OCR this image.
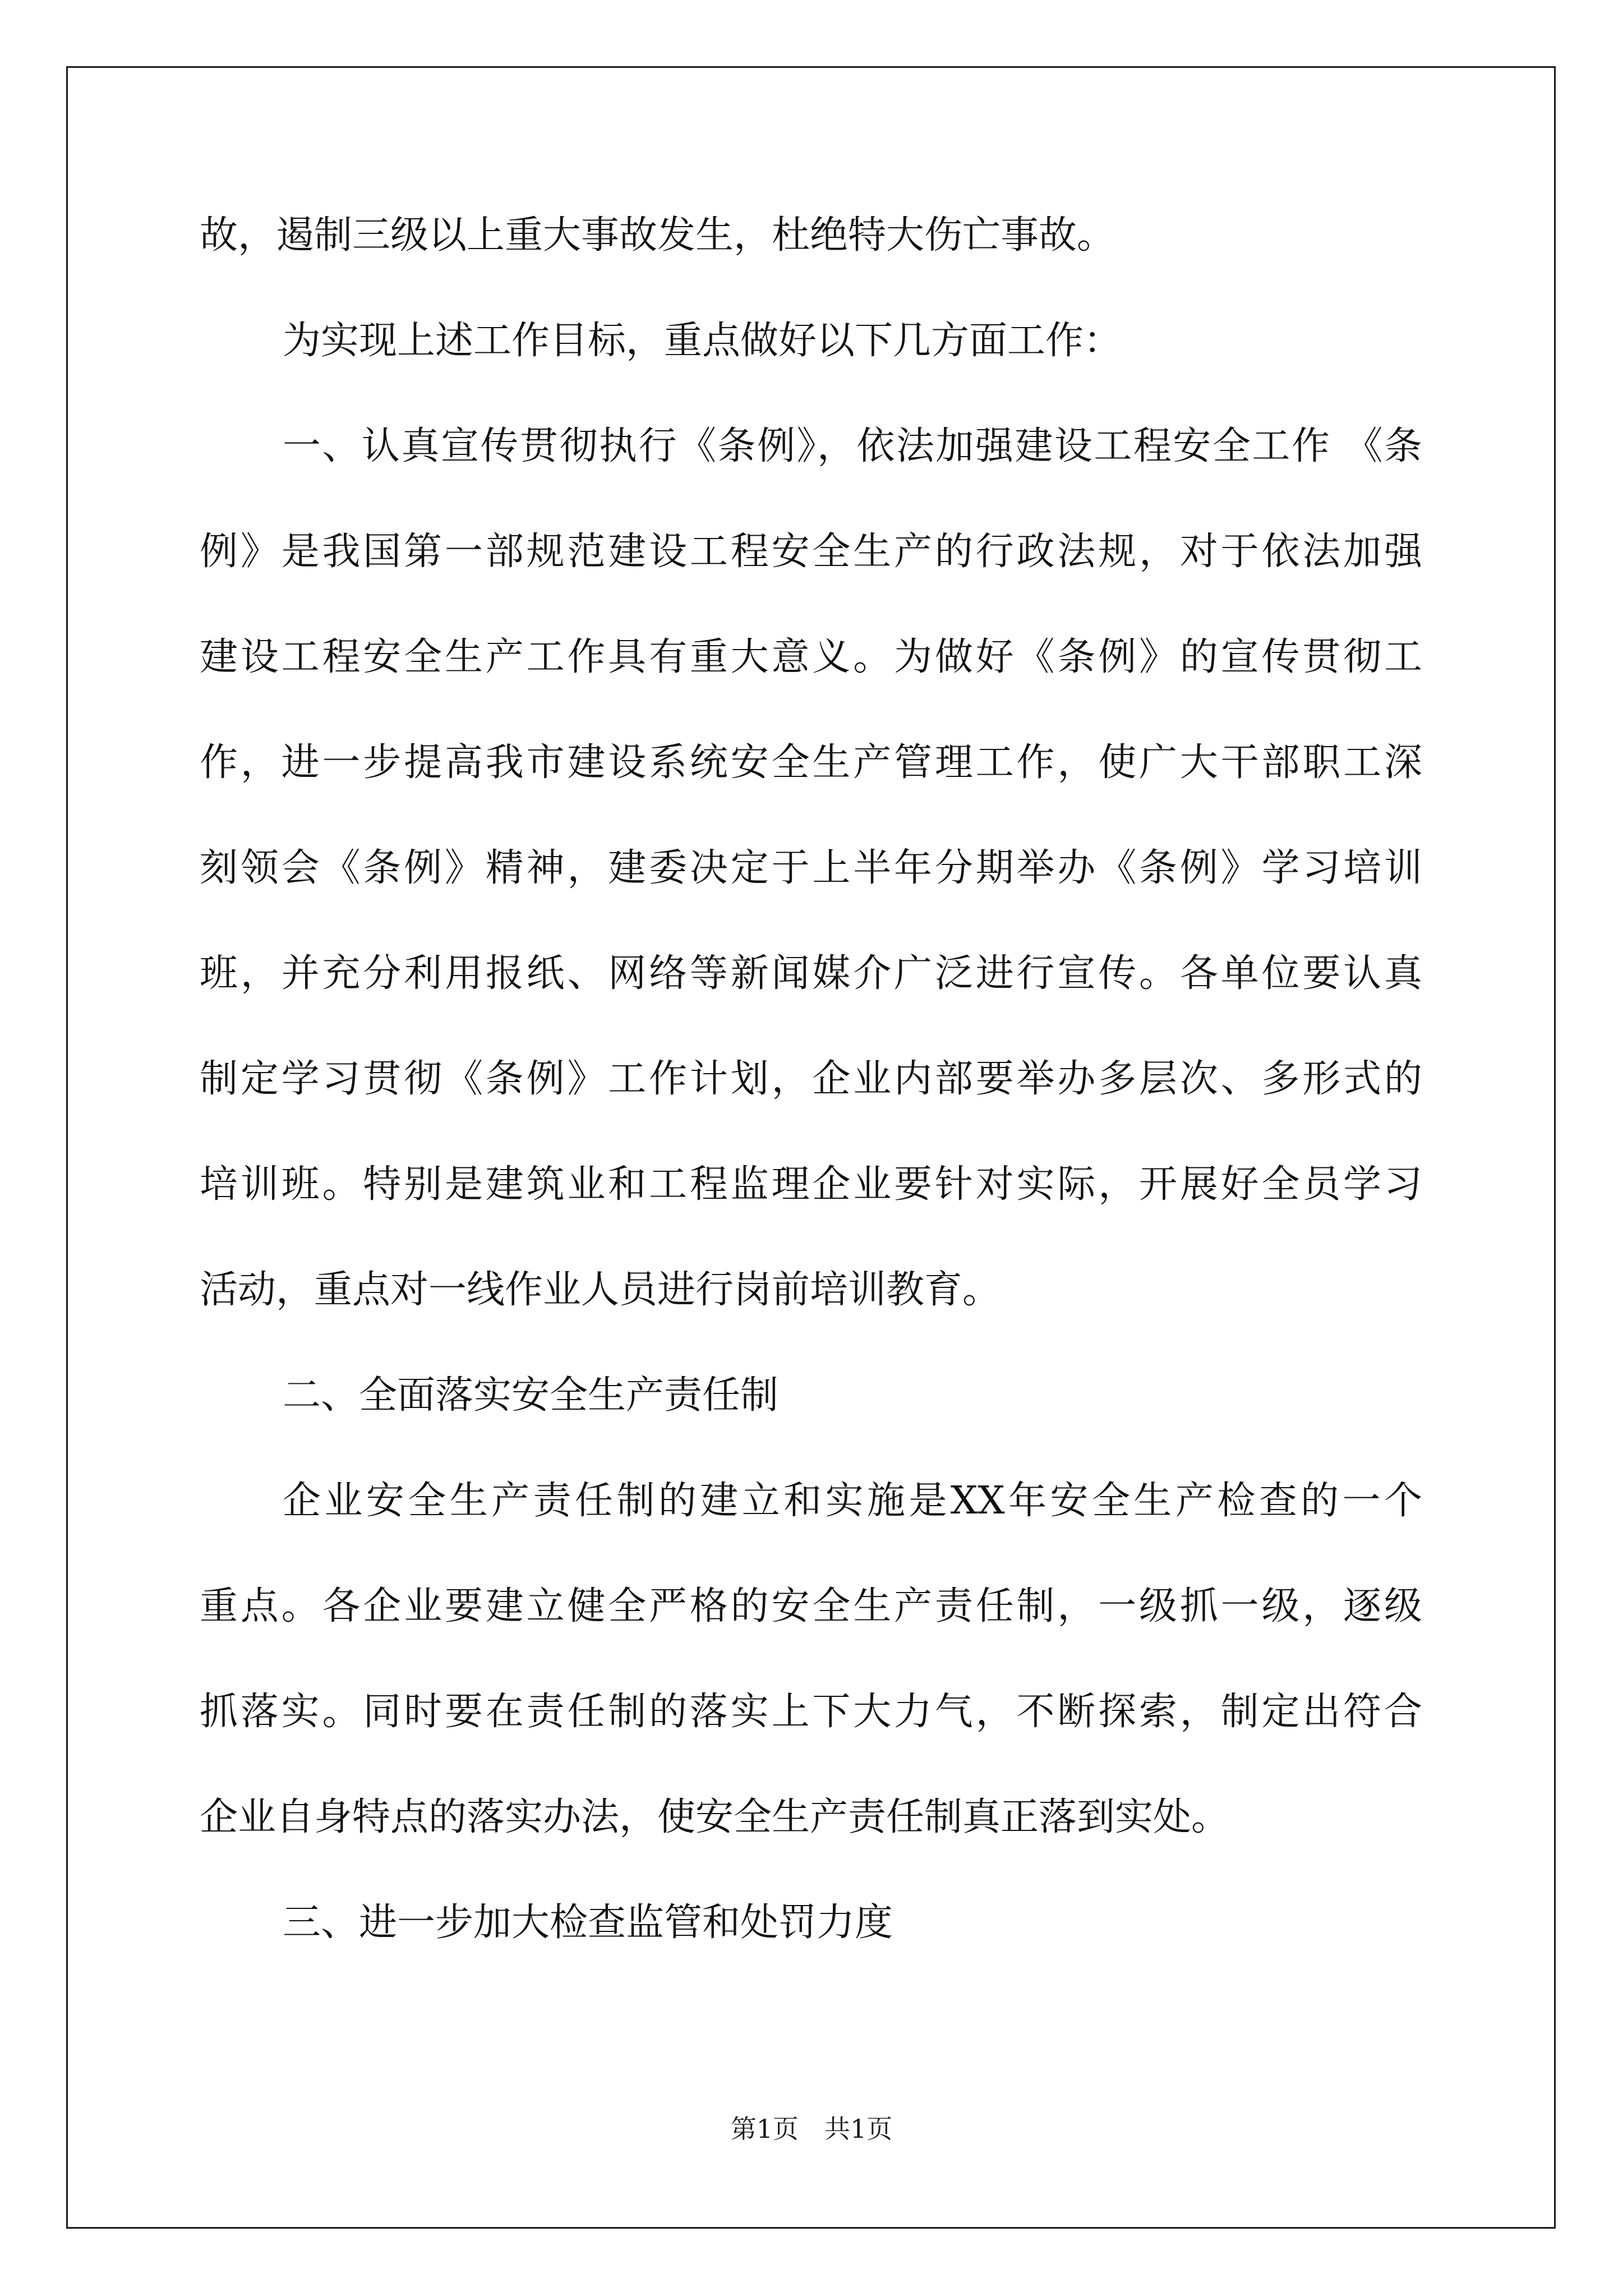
故，遏制三级以上重大事故发生，杜绝特大伤亡事故。
为实现上述工作目标，重点做好以下几方面工作：
一、认真宣传贯彻执行《条例》，依法加强建设工程安全工作 《条
例》是我国第一部规范建设工程安全生产的行政法规，对于依法加强
建设工程安全生产工作具有重大意义。为做好《条例》的宣传贯彻工
作，进一步提高我市建设系统安全生产管理工作，使广大干部职工深
刻领会《条例》精神，建委决定于上半年分期举办《条例》学习培训
班，并充分利用报纸、网络等新闻媒介广泛进行宣传。各单位要认真
制定学习贯彻《条例》工作计划，企业内部要举办多层次、多形式的
培训班。特别是建筑业和工程监理企业要针对实际，开展好全员学习
活动，重点对一线作业人员进行岗前培训教育。
二、全面落实安全生产责任制
企业安全生产责任制的建立和实施是XX年安全生产检查的一个
重点。各企业要建立健全严格的安全生产责任制，一级抓一级，逐级
抓落实。同时要在责任制的落实上下大力气，不断探索，制定出符合
企业自身特点的落实办法，使安全生产责任制真正落到实处。
三、进一步加大检查监管和处罚力度
第1页　共1页
